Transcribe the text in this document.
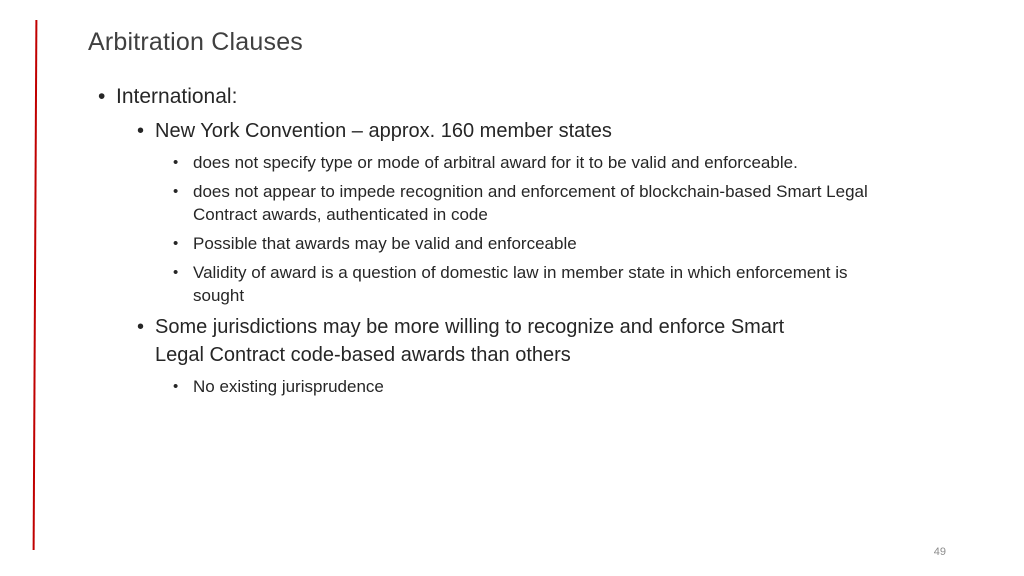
Arbitration Clauses
• International:
• New York Convention – approx. 160 member states
• does not specify type or mode of arbitral award for it to be valid and enforceable.
• does not appear to impede recognition and enforcement of blockchain-based Smart Legal Contract awards, authenticated in code
• Possible that awards may be valid and enforceable
• Validity of award is a question of domestic law in member state in which enforcement is sought
• Some jurisdictions may be more willing to recognize and enforce Smart Legal Contract code-based awards than others
• No existing jurisprudence
49
